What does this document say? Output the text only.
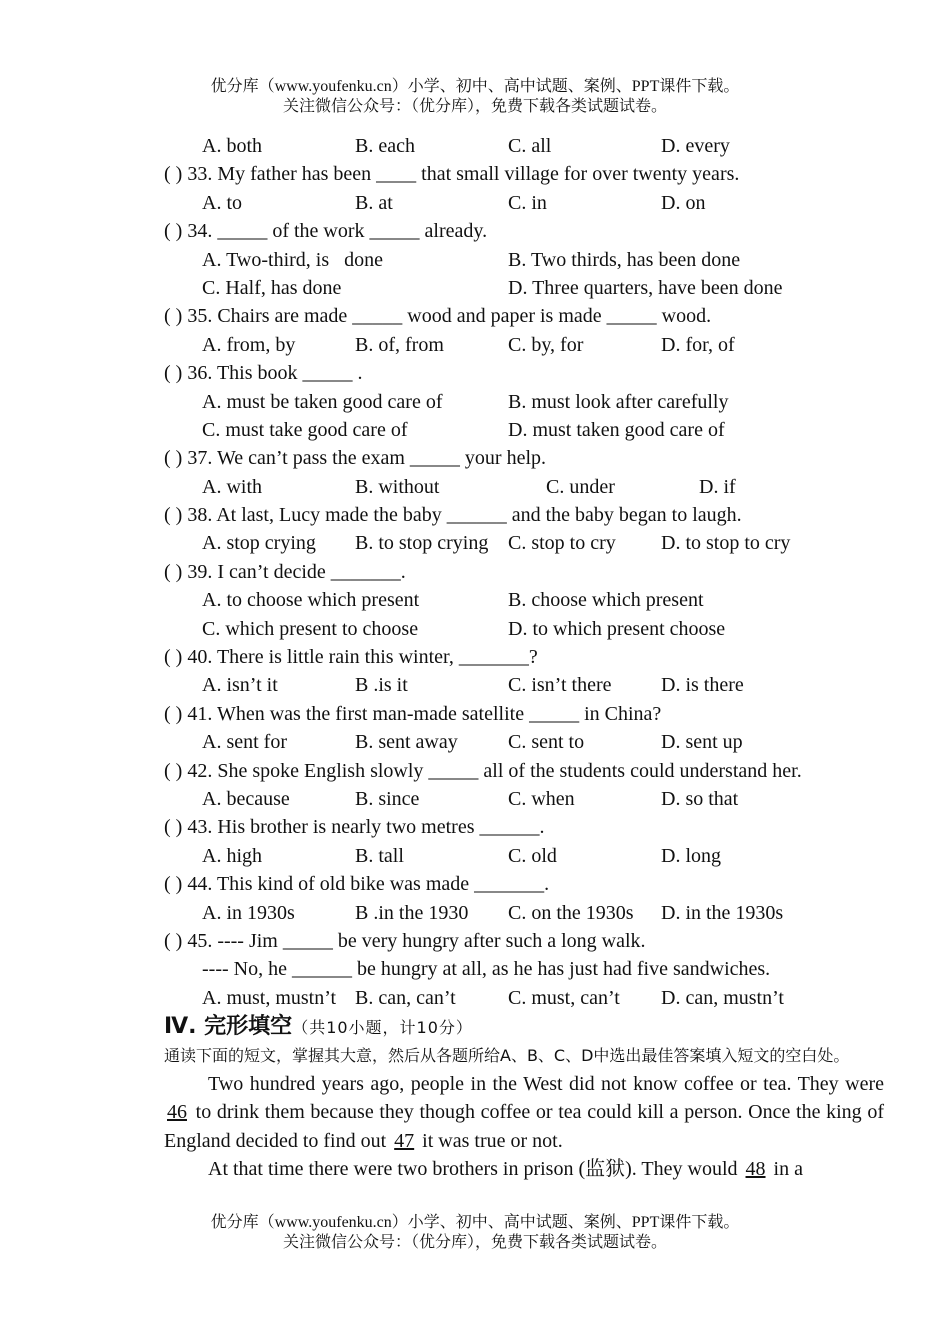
优分库（www.youfenku.cn）小学、初中、高中试题、案例、PPT课件下载。
关注微信公众号：（优分库），免费下载各类试题试卷。
A. both	B. each	C. all	D. every
( ) 33. My father has been ____ that small village for over twenty years.
A. to	B. at	C. in	D. on
( ) 34. _____ of the work _____ already.
A. Two-third, is   done	B. Two thirds, has been done
C. Half, has done	D. Three quarters, have been done
( ) 35. Chairs are made _____ wood and paper is made _____ wood.
A. from, by	B. of, from	C. by, for	D. for, of
( ) 36. This book _____ .
A. must be taken good care of	B. must look after carefully
C. must take good care of	D. must taken good care of
( ) 37. We can’t pass the exam _____ your help.
A. with	B. without	C. under	D. if
( ) 38. At last, Lucy made the baby ______ and the baby began to laugh.
A. stop crying B. to stop crying C. stop to cry D. to stop to cry
( ) 39. I can’t decide _______.
A. to choose which present	B. choose which present
C. which present to choose	D. to which present choose
( ) 40. There is little rain this winter, _______?
A. isn’t it	B .is it	C. isn’t there D. is there
( ) 41. When was the first man-made satellite _____ in China?
A. sent for	B. sent away	C. sent to	D. sent up
( ) 42. She spoke English slowly _____ all of the students could understand her.
A. because	B. since	C. when	D. so that
( ) 43. His brother is nearly two metres ______.
A. high	B. tall	C. old	D. long
( ) 44. This kind of old bike was made _______.
A. in 1930s	B .in the 1930 C. on the 1930s D. in the 1930s
( ) 45. ---- Jim _____ be very hungry after such a long walk.
---- No, he ______ be hungry at all, as he has just had five sandwiches.
A. must, mustn’t B. can, can’t	C. must, can’t D. can, mustn’t
Ⅳ. 完形填空（共10小题，计10分）
通读下面的短文，掌握其大意，然后从各题所给A、B、C、D中选出最佳答案填入短文的空白处。

Two hundred years ago, people in the West did not know coffee or tea. They were 46 to drink them because they though coffee or tea could kill a person. Once the king of England decided to find out 47 it was true or not.

At that time there were two brothers in prison (监狱). They would 48 in a

优分库（www.youfenku.cn）小学、初中、高中试题、案例、PPT课件下载。
关注微信公众号：（优分库），免费下载各类试题试卷。
